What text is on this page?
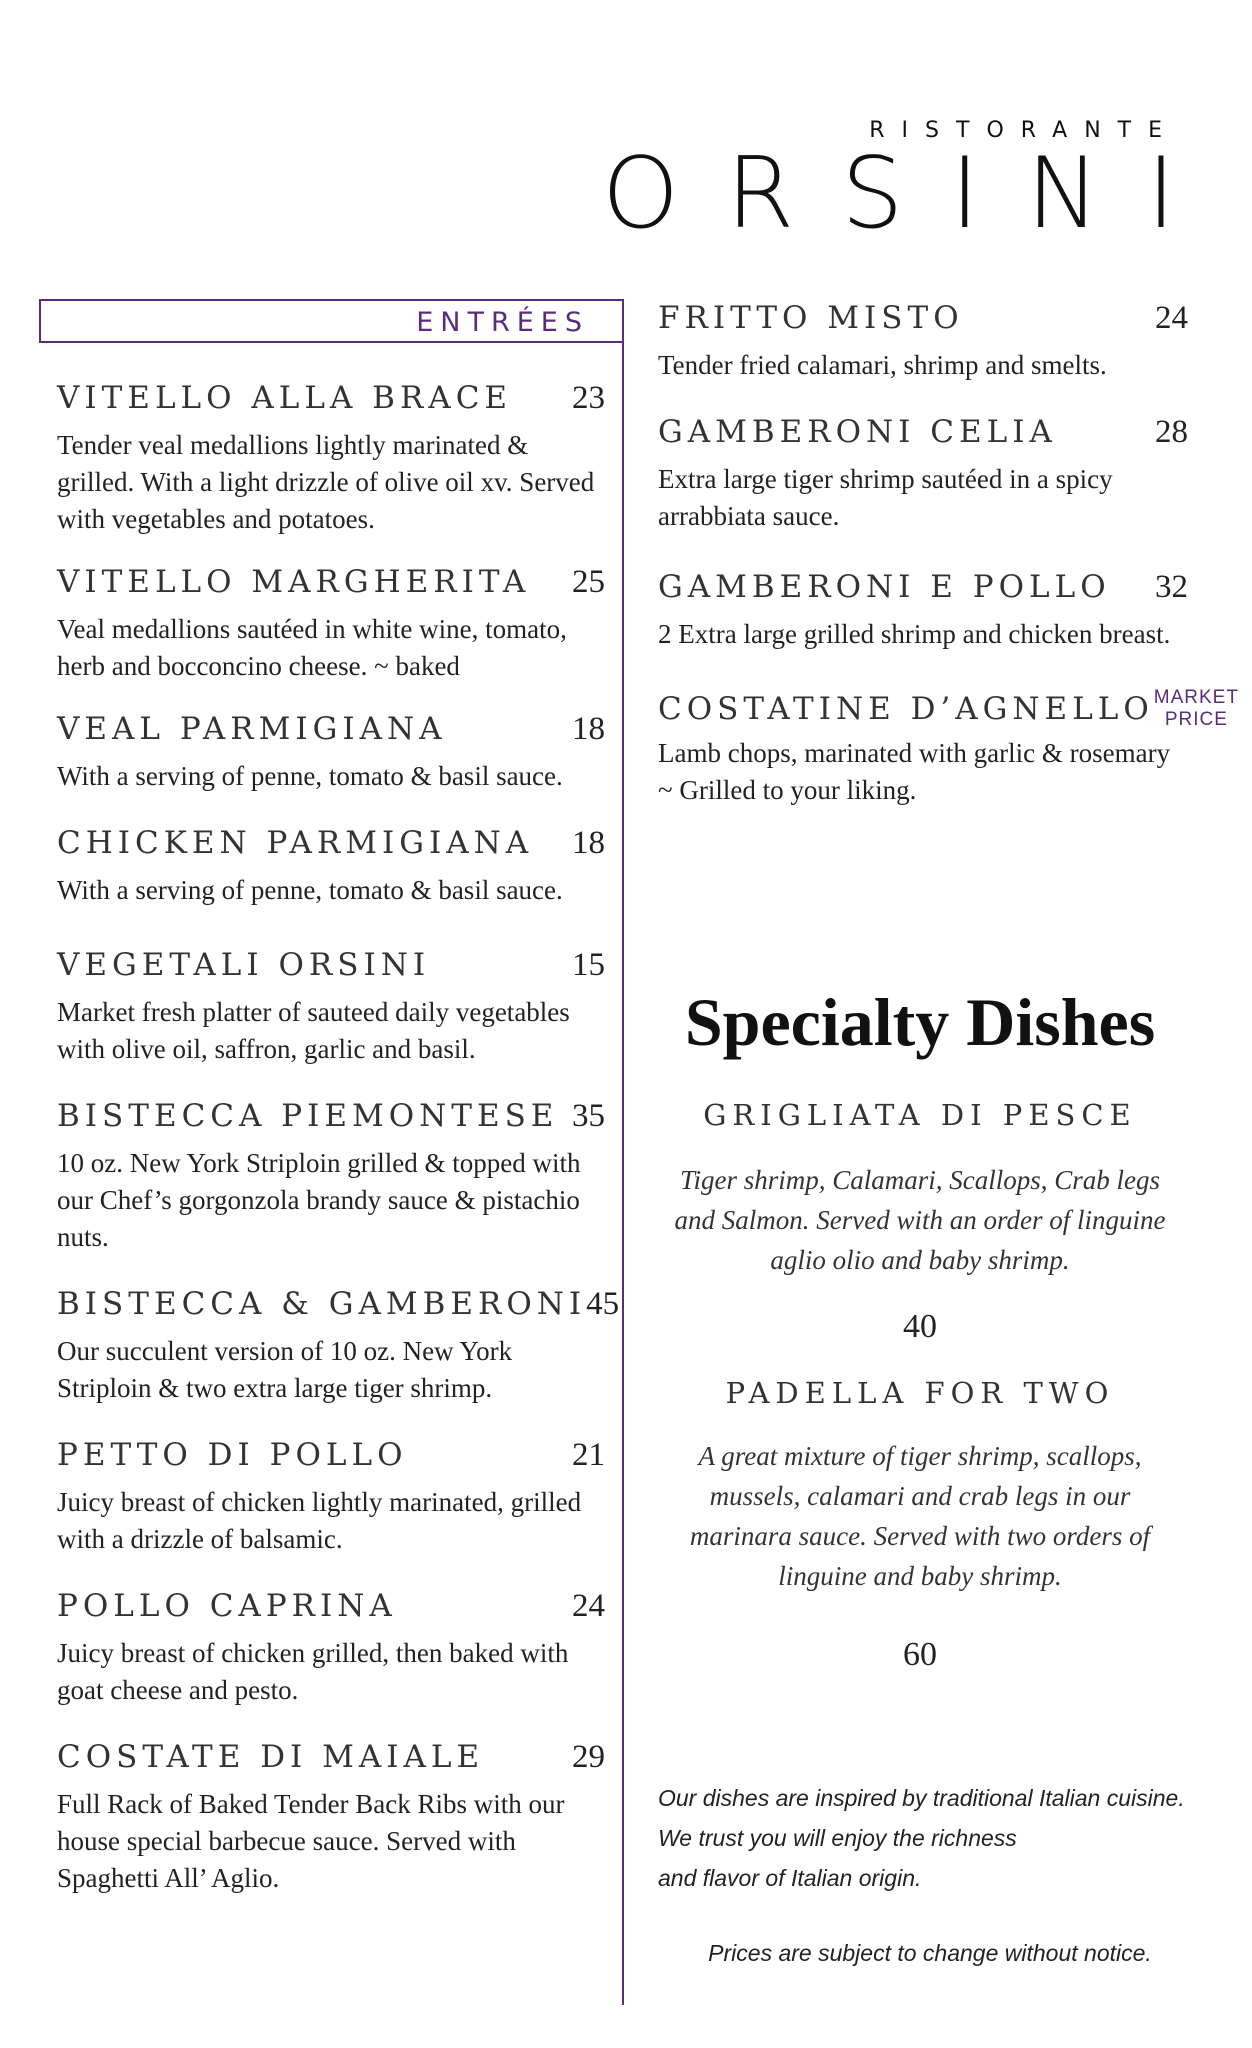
RISTORANTE
ORSINI
ENTRÉES
VITELLO ALLA BRACE 23
Tender veal medallions lightly marinated & grilled. With a light drizzle of olive oil xv. Served with vegetables and potatoes.
VITELLO MARGHERITA 25
Veal medallions sautéed in white wine, tomato, herb and bocconcino cheese. ~ baked
VEAL PARMIGIANA	18
With a serving of penne, tomato & basil sauce.
CHICKEN PARMIGIANA 18
With a serving of penne, tomato & basil sauce.
VEGETALI ORSINI	15
Market fresh platter of sauteed daily vegetables with olive oil, saffron, garlic and basil.
BISTECCA PIEMONTESE 35
10 oz. New York Striploin grilled & topped with our Chef’s gorgonzola brandy sauce & pistachio nuts.
BISTECCA & GAMBERONI 45
Our succulent version of 10 oz. New York Striploin & two extra large tiger shrimp.
PETTO DI POLLO	21
Juicy breast of chicken lightly marinated, grilled with a drizzle of balsamic.
POLLO CAPRINA	24
Juicy breast of chicken grilled, then baked with goat cheese and pesto.
COSTATE DI MAIALE	29
Full Rack of Baked Tender Back Ribs with our house special barbecue sauce. Served with Spaghetti All’ Aglio.
FRITTO MISTO	24
Tender fried calamari, shrimp and smelts.
GAMBERONI CELIA	28
Extra large tiger shrimp sautéed in a spicy arrabbiata sauce.
GAMBERONI E POLLO 32
2 Extra large grilled shrimp and chicken breast.
COSTATINE D’AGNELLO MARKET
PRICE
Lamb chops, marinated with garlic & rosemary ~ Grilled to your liking.
Specialty Dishes
GRIGLIATA DI PESCE
Tiger shrimp, Calamari, Scallops, Crab legs and Salmon. Served with an order of linguine aglio olio and baby shrimp.
40
PADELLA FOR TWO
A great mixture of tiger shrimp, scallops, mussels, calamari and crab legs in our marinara sauce. Served with two orders of linguine and baby shrimp.
60
Our dishes are inspired by traditional Italian cuisine.
We trust you will enjoy the richness
and flavor of Italian origin.
Prices are subject to change without notice.
